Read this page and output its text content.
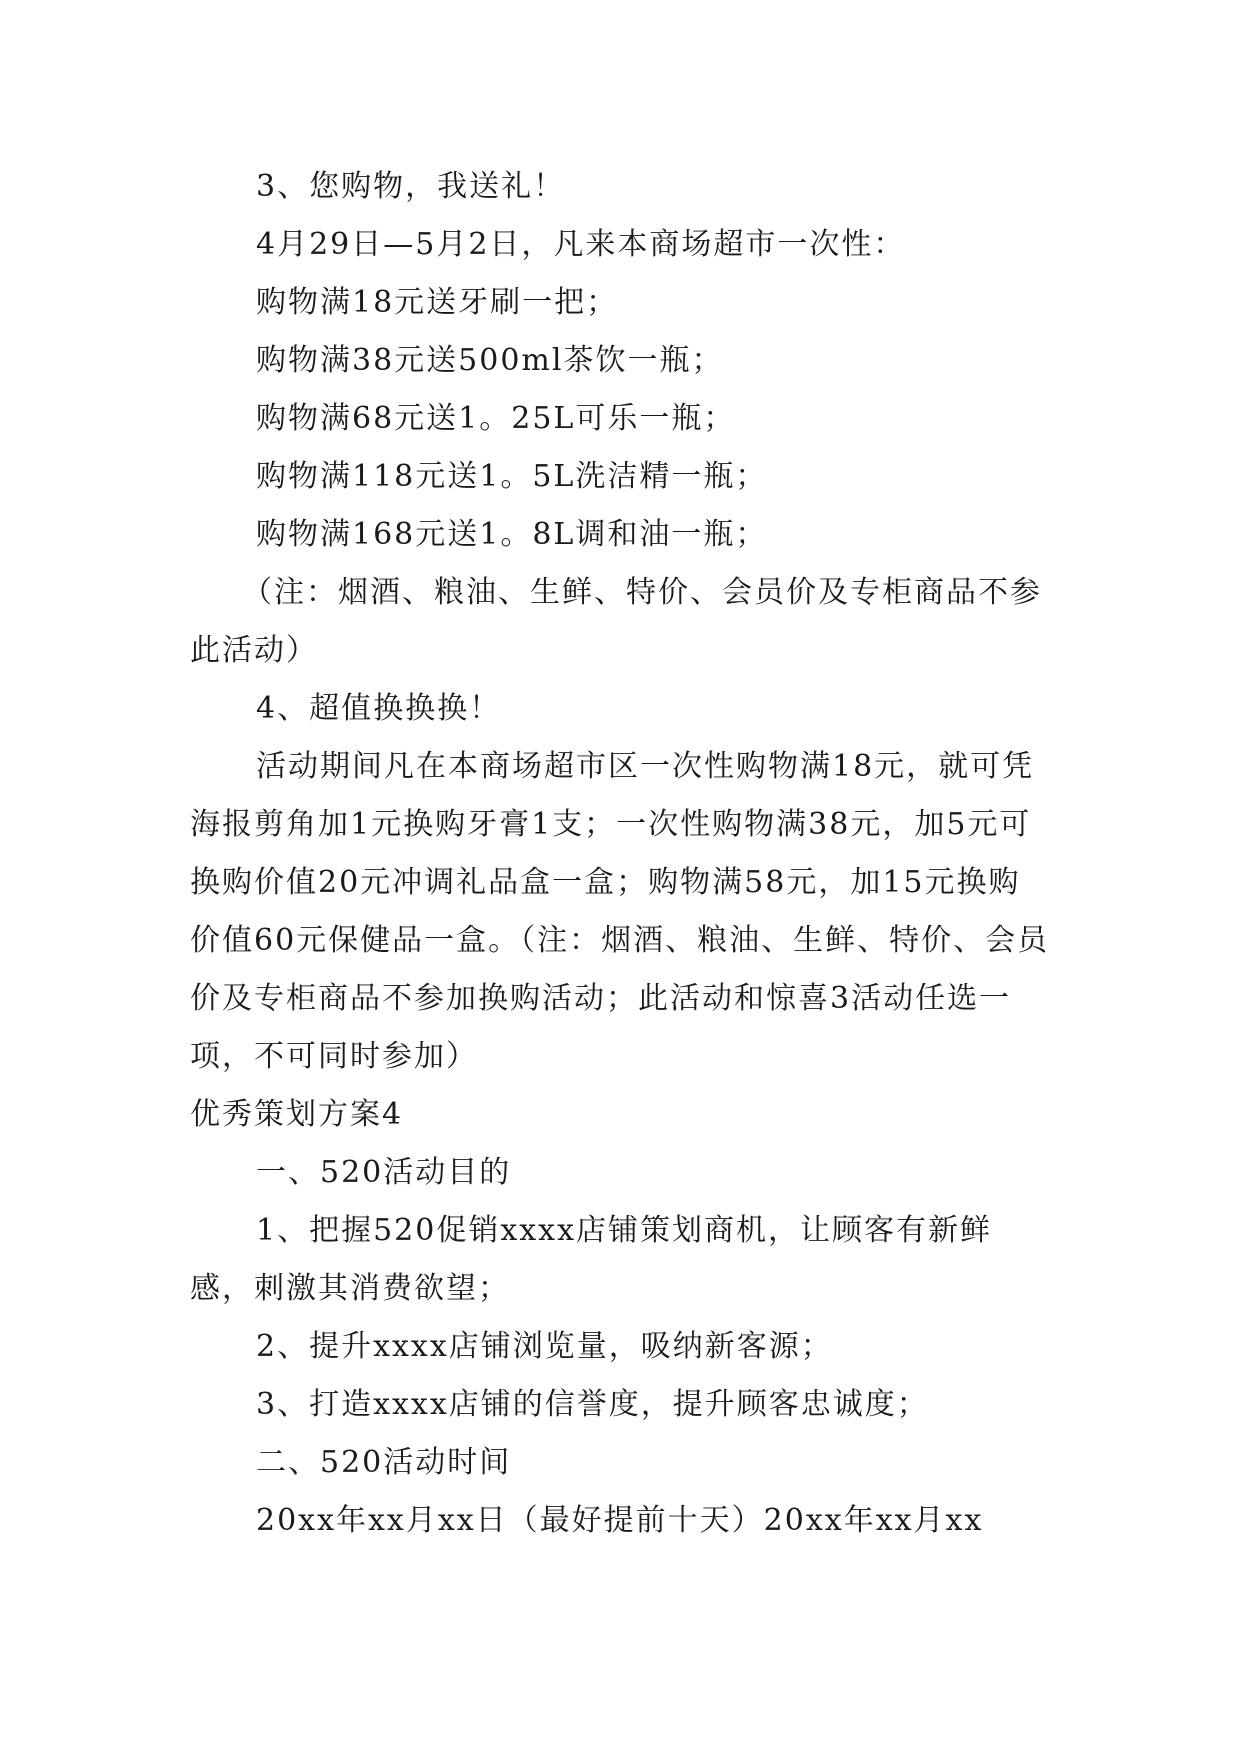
3、您购物，我送礼！

4月29日—5月2日，凡来本商场超市一次性：

购物满18元送牙刷一把；

购物满38元送500ml茶饮一瓶；

购物满68元送1。25L可乐一瓶；

购物满118元送1。5L洗洁精一瓶；

购物满168元送1。8L调和油一瓶；

（注：烟酒、粮油、生鲜、特价、会员价及专柜商品不参此活动）

4、超值换换换！

活动期间凡在本商场超市区一次性购物满18元，就可凭海报剪角加1元换购牙膏1支；一次性购物满38元，加5元可换购价值20元冲调礼品盒一盒；购物满58元，加15元换购价值60元保健品一盒。（注：烟酒、粮油、生鲜、特价、会员价及专柜商品不参加换购活动；此活动和惊喜3活动任选一项，不可同时参加）

优秀策划方案4

一、520活动目的

1、把握520促销xxxx店铺策划商机，让顾客有新鲜感，刺激其消费欲望；

2、提升xxxx店铺浏览量，吸纳新客源；

3、打造xxxx店铺的信誉度，提升顾客忠诚度；

二、520活动时间

20xx年xx月xx日（最好提前十天）20xx年xx月xx
